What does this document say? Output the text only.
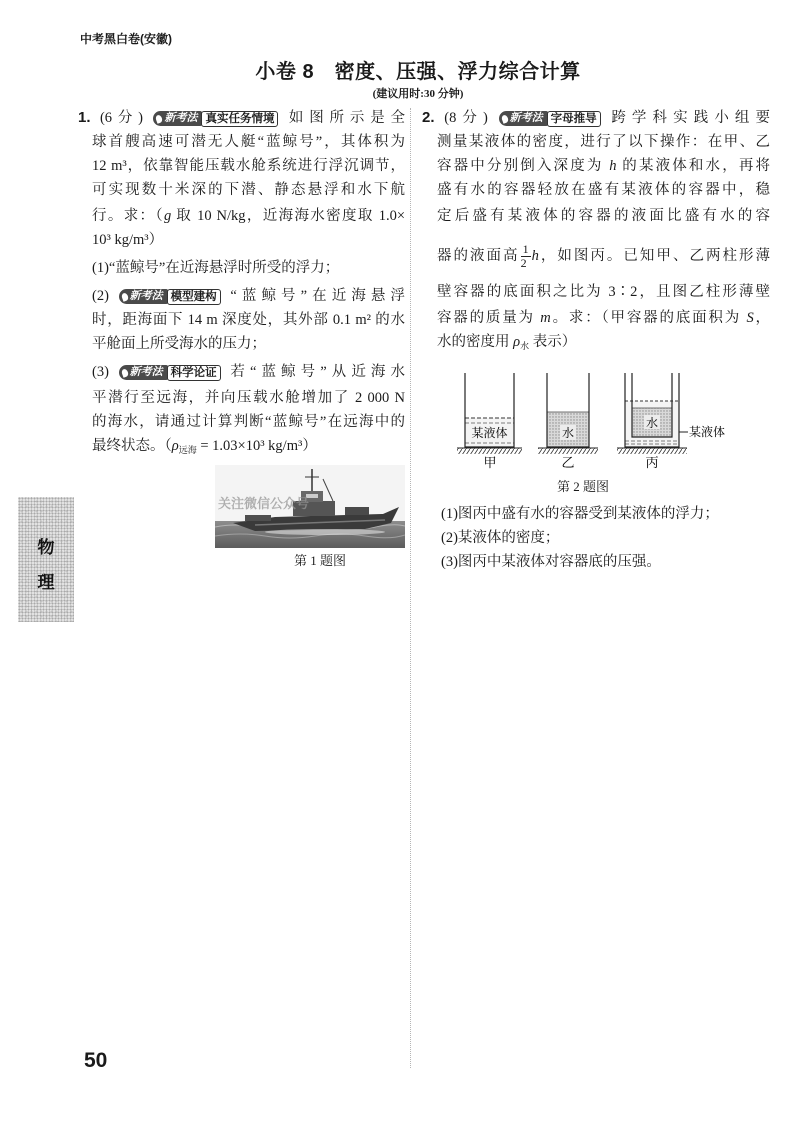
中考黑白卷(安徽)
小卷 8　密度、压强、浮力综合计算
(建议用时:30 分钟)
1. (6分) 新考法 真实任务情境 如图所示是全
球首艘高速可潜无人艇“蓝鲸号”，其体积为
12 m³，依靠智能压载水舱系统进行浮沉调节，
可实现数十米深的下潜、静态悬浮和水下航
行。求：（g 取 10 N/kg，近海海水密度取 1.0×
10³ kg/m³）
(1)“蓝鲸号”在近海悬浮时所受的浮力；
(2) 新考法 模型建构 “蓝鲸号”在近海悬浮
时，距海面下 14 m 深度处，其外部 0.1 m² 的水
平舱面上所受海水的压力；
(3) 新考法 科学论证 若“蓝鲸号”从近海水
平潜行至远海，并向压载水舱增加了 2 000 N
的海水，请通过计算判断“蓝鲸号”在远海中的
最终状态。（$\rho_{远海} = 1.03\times 10^3$ kg/m³）
关注微信公众号
第 1 题图
2. (8分) 新考法 字母推导 跨学科实践小组要
测量某液体的密度，进行了以下操作：在甲、乙
容器中分别倒入深度为 h 的某液体和水，再将
盛有水的容器轻放在盛有某液体的容器中，稳
定后盛有某液体的容器的液面比盛有水的容
器的液面高 $\frac{1}{2}$ h，如图丙。已知甲、乙两柱形薄
壁容器的底面积之比为 3∶2，且图乙柱形薄壁
容器的质量为 m。求：（甲容器的底面积为 S，
水的密度用 $\rho_水$ 表示）
某液体
甲
水
乙
水
某液体
丙
第 2 题图
(1)图丙中盛有水的容器受到某液体的浮力；
(2)某液体的密度；
(3)图丙中某液体对容器底的压强。
物
理
50
